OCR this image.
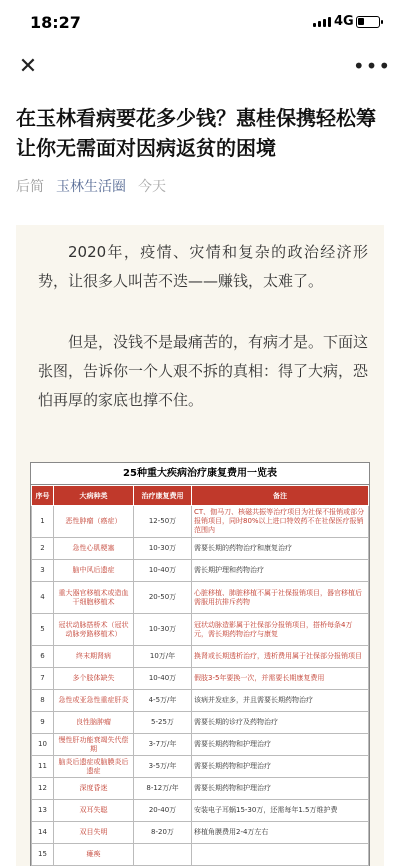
18:27	4G
✕	•••
在玉林看病要花多少钱？惠桂保携轻松筹让你无需面对因病返贫的困境
后简 玉林生活圈 今天

2020年，疫情、灾情和复杂的政治经济形势，让很多人叫苦不迭——赚钱，太难了。

但是，没钱不是最痛苦的，有病才是。下面这张图，告诉你一个人艰不拆的真相：得了大病，恐怕再厚的家底也撑不住。

25种重大疾病治疗康复费用一览表
序号	大病种类	治疗康复费用	备注
1	恶性肿瘤（癌症）	12-50万	CT、伽马刀、核磁共振等治疗项目为社保不报销或部分报销项目，同时80%以上进口特效药不在社保医疗报销范围内
2	急性心肌梗塞	10-30万	需要长期的药物治疗和康复治疗
3	脑中风后遗症	10-40万	需长期护理和药物治疗
4	重大器官移植术或造血干细胞移植术	20-50万	心脏移植、肺脏移植不属于社保报销项目，器官移植后需服用抗排斥药物
5	冠状动脉搭桥术（冠状动脉旁路移植术）	10-30万	冠状动脉造影属于社保部分报销项目，搭桥每条4万元，需长期药物治疗与康复
6	终末期肾病	10万/年	换肾或长期透析治疗，透析费用属于社保部分报销项目
7	多个肢体缺失	10-40万	假肢3-5年要换一次，并需要长期康复费用
8	急性或亚急性重症肝炎	4-5万/年	该病并发症多，并且需要长期药物治疗
9	良性脑肿瘤	5-25万	需要长期的诊疗及药物治疗
10	慢性肝功能衰竭失代偿期	3-7万/年	需要长期药物和护理治疗
11	脑炎后遗症或脑膜炎后遗症	3-5万/年	需要长期药物和护理治疗
12	深度昏迷	8-12万/年	需要长期药物和护理治疗
13	双耳失聪	20-40万	安装电子耳蜗15-30万，还需每年1.5万维护费
14	双目失明	8-20万	移植角膜费用2-4万左右
15	瘫痪		
